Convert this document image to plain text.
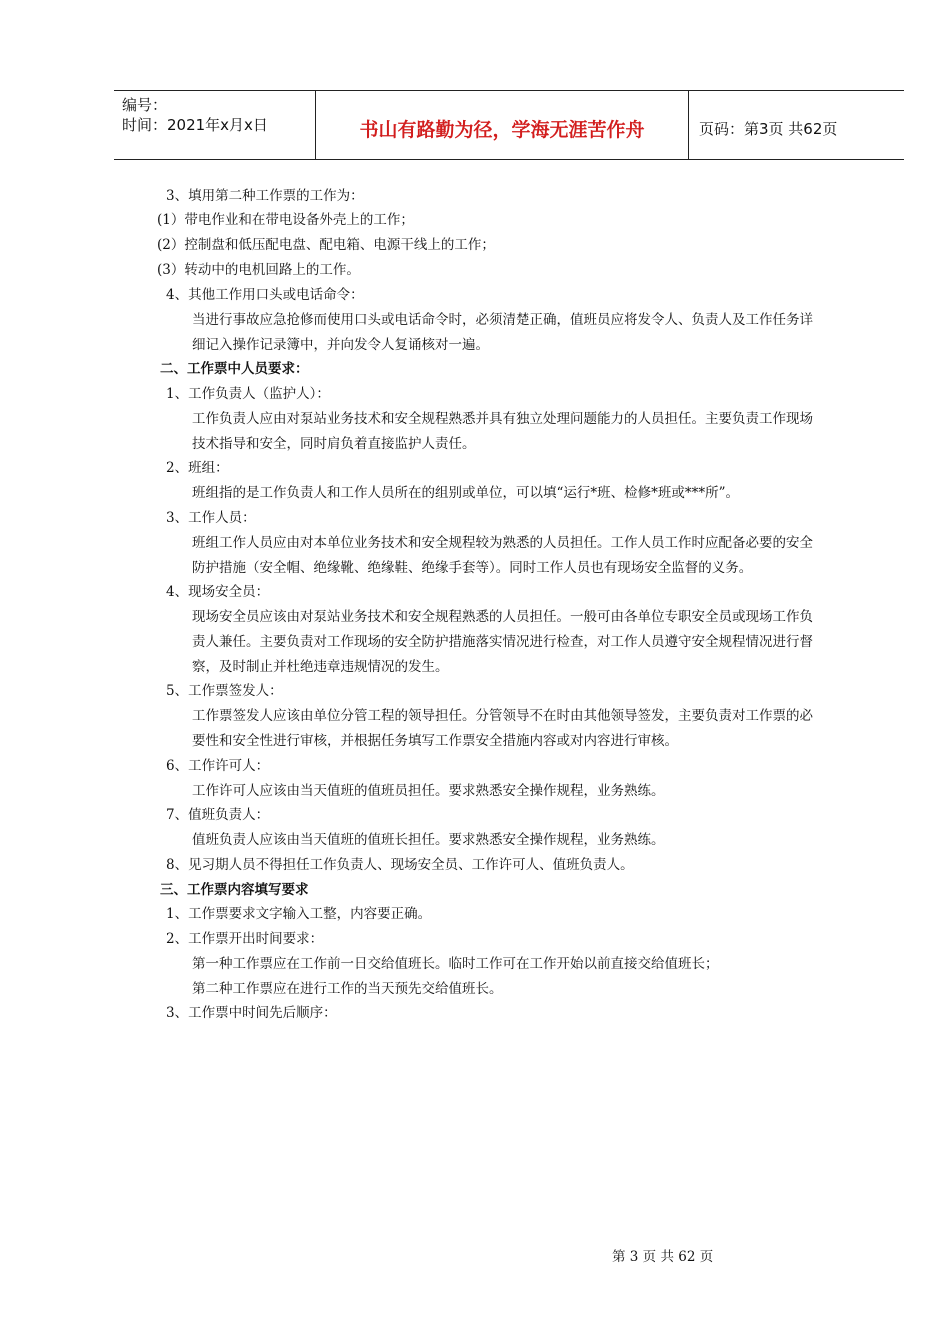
编号：
时间：2021年x月x日	书山有路勤为径，学海无涯苦作舟	页码：第3页 共62页
3、填用第二种工作票的工作为：
(1）带电作业和在带电设备外壳上的工作；
(2）控制盘和低压配电盘、配电箱、电源干线上的工作；
(3）转动中的电机回路上的工作。
4、其他工作用口头或电话命令：
当进行事故应急抢修而使用口头或电话命令时，必须清楚正确，值班员应将发令人、负责人及工作任务详
细记入操作记录簿中，并向发令人复诵核对一遍。
二、工作票中人员要求：
1、工作负责人（监护人）：
工作负责人应由对泵站业务技术和安全规程熟悉并具有独立处理问题能力的人员担任。主要负责工作现场
技术指导和安全，同时肩负着直接监护人责任。
2、班组：
班组指的是工作负责人和工作人员所在的组别或单位，可以填“运行*班、检修*班或***所”。
3、工作人员：
班组工作人员应由对本单位业务技术和安全规程较为熟悉的人员担任。工作人员工作时应配备必要的安全
防护措施（安全帽、绝缘靴、绝缘鞋、绝缘手套等）。同时工作人员也有现场安全监督的义务。
4、现场安全员：
现场安全员应该由对泵站业务技术和安全规程熟悉的人员担任。一般可由各单位专职安全员或现场工作负
责人兼任。主要负责对工作现场的安全防护措施落实情况进行检查，对工作人员遵守安全规程情况进行督
察，及时制止并杜绝违章违规情况的发生。
5、工作票签发人：
工作票签发人应该由单位分管工程的领导担任。分管领导不在时由其他领导签发，主要负责对工作票的必
要性和安全性进行审核，并根据任务填写工作票安全措施内容或对内容进行审核。
6、工作许可人：
工作许可人应该由当天值班的值班员担任。要求熟悉安全操作规程，业务熟练。
7、值班负责人：
值班负责人应该由当天值班的值班长担任。要求熟悉安全操作规程，业务熟练。
8、见习期人员不得担任工作负责人、现场安全员、工作许可人、值班负责人。
三、工作票内容填写要求
1、工作票要求文字输入工整，内容要正确。
2、工作票开出时间要求：
第一种工作票应在工作前一日交给值班长。临时工作可在工作开始以前直接交给值班长；
第二种工作票应在进行工作的当天预先交给值班长。
3、工作票中时间先后顺序：
第 3 页 共 62 页
